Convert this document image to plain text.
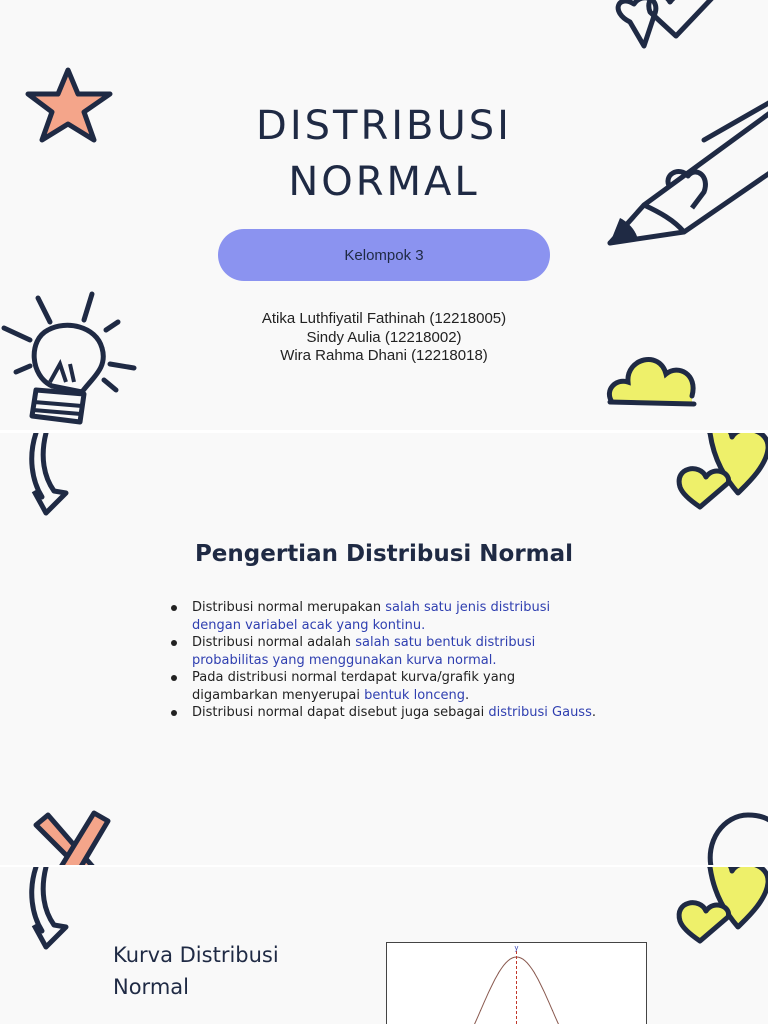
DISTRIBUSI
NORMAL
Kelompok 3
Atika Luthfiyatil Fathinah (12218005)
Sindy Aulia (12218002)
Wira Rahma Dhani (12218018)
Pengertian Distribusi Normal
Distribusi normal merupakan salah satu jenis distribusi dengan variabel acak yang kontinu.
Distribusi normal adalah salah satu bentuk distribusi probabilitas yang menggunakan kurva normal.
Pada distribusi normal terdapat kurva/grafik yang digambarkan menyerupai bentuk lonceng.
Distribusi normal dapat disebut juga sebagai distribusi Gauss.
Kurva Distribusi
Normal
y
